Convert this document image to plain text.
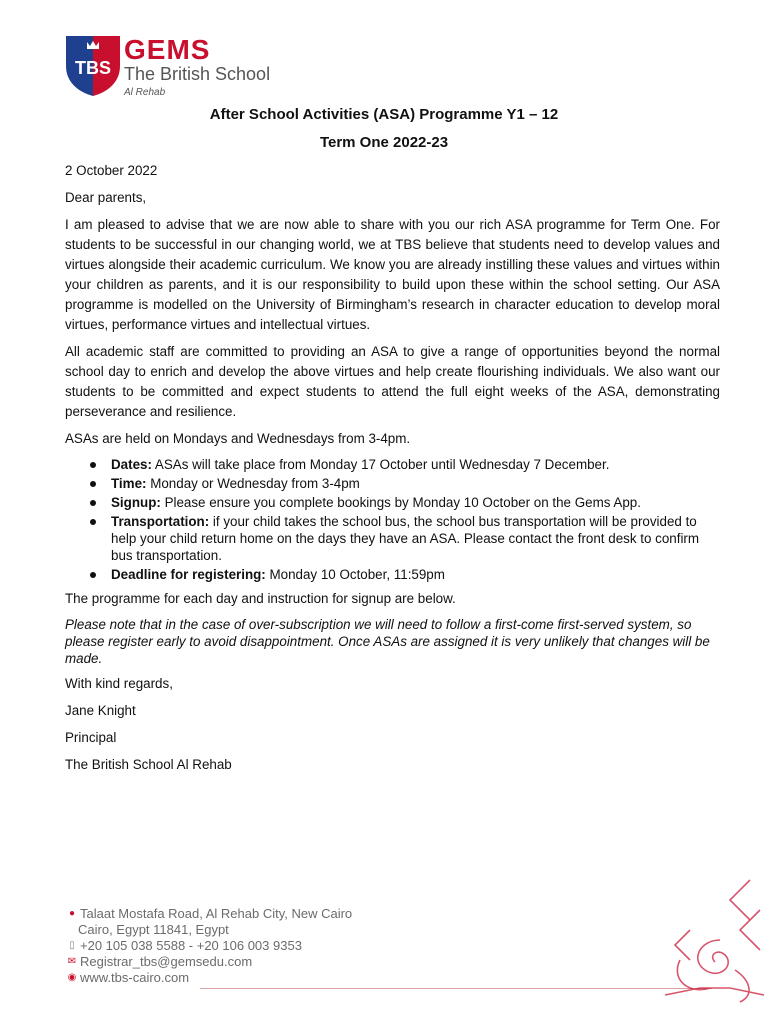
TBS
GEMS
The British School
Al Rehab
After School Activities (ASA) Programme Y1 – 12
Term One 2022-23

2 October 2022

Dear parents,

I am pleased to advise that we are now able to share with you our rich ASA programme for Term One. For students to be successful in our changing world, we at TBS believe that students need to develop values and virtues alongside their academic curriculum. We know you are already instilling these values and virtues within your children as parents, and it is our responsibility to build upon these within the school setting. Our ASA programme is modelled on the University of Birmingham’s research in character education to develop moral virtues, performance virtues and intellectual virtues.

All academic staff are committed to providing an ASA to give a range of opportunities beyond the normal school day to enrich and develop the above virtues and help create flourishing individuals. We also want our students to be committed and expect students to attend the full eight weeks of the ASA, demonstrating perseverance and resilience.

ASAs are held on Mondays and Wednesdays from 3-4pm.

Dates: ASAs will take place from Monday 17 October until Wednesday 7 December.
Time: Monday or Wednesday from 3-4pm
Signup: Please ensure you complete bookings by Monday 10 October on the Gems App.
Transportation: if your child takes the school bus, the school bus transportation will be provided to help your child return home on the days they have an ASA. Please contact the front desk to confirm bus transportation.
Deadline for registering: Monday 10 October, 11:59pm

The programme for each day and instruction for signup are below.

Please note that in the case of over-subscription we will need to follow a first-come first-served system, so please register early to avoid disappointment. Once ASAs are assigned it is very unlikely that changes will be made.

With kind regards,

Jane Knight

Principal

The British School Al Rehab

● Talaat Mostafa Road, Al Rehab City, New Cairo
Cairo, Egypt 11841, Egypt
▯ +20 105 038 5588 - +20 106 003 9353
✉ Registrar_tbs@gemsedu.com
◉ www.tbs-cairo.com
